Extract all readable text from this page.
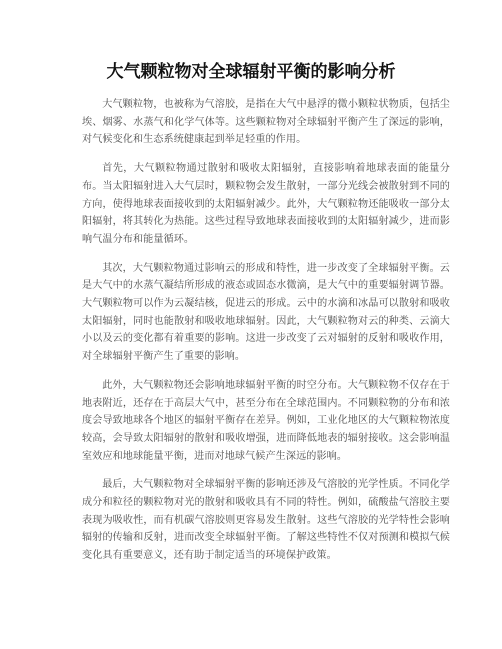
大气颗粒物对全球辐射平衡的影响分析

大气颗粒物，也被称为气溶胶，是指在大气中悬浮的微小颗粒状物质，包括尘埃、烟雾、水蒸气和化学气体等。这些颗粒物对全球辐射平衡产生了深远的影响，对气候变化和生态系统健康起到举足轻重的作用。

首先，大气颗粒物通过散射和吸收太阳辐射，直接影响着地球表面的能量分布。当太阳辐射进入大气层时，颗粒物会发生散射，一部分光线会被散射到不同的方向，使得地球表面接收到的太阳辐射减少。此外，大气颗粒物还能吸收一部分太阳辐射，将其转化为热能。这些过程导致地球表面接收到的太阳辐射减少，进而影响气温分布和能量循环。

其次，大气颗粒物通过影响云的形成和特性，进一步改变了全球辐射平衡。云是大气中的水蒸气凝结所形成的液态或固态水微滴，是大气中的重要辐射调节器。大气颗粒物可以作为云凝结核，促进云的形成。云中的水滴和冰晶可以散射和吸收太阳辐射，同时也能散射和吸收地球辐射。因此，大气颗粒物对云的种类、云滴大小以及云的变化都有着重要的影响。这进一步改变了云对辐射的反射和吸收作用，对全球辐射平衡产生了重要的影响。

此外，大气颗粒物还会影响地球辐射平衡的时空分布。大气颗粒物不仅存在于地表附近，还存在于高层大气中，甚至分布在全球范围内。不同颗粒物的分布和浓度会导致地球各个地区的辐射平衡存在差异。例如，工业化地区的大气颗粒物浓度较高，会导致太阳辐射的散射和吸收增强，进而降低地表的辐射接收。这会影响温室效应和地球能量平衡，进而对地球气候产生深远的影响。

最后，大气颗粒物对全球辐射平衡的影响还涉及气溶胶的光学性质。不同化学成分和粒径的颗粒物对光的散射和吸收具有不同的特性。例如，硫酸盐气溶胶主要表现为吸收性，而有机碳气溶胶则更容易发生散射。这些气溶胶的光学特性会影响辐射的传输和反射，进而改变全球辐射平衡。了解这些特性不仅对预测和模拟气候变化具有重要意义，还有助于制定适当的环境保护政策。
